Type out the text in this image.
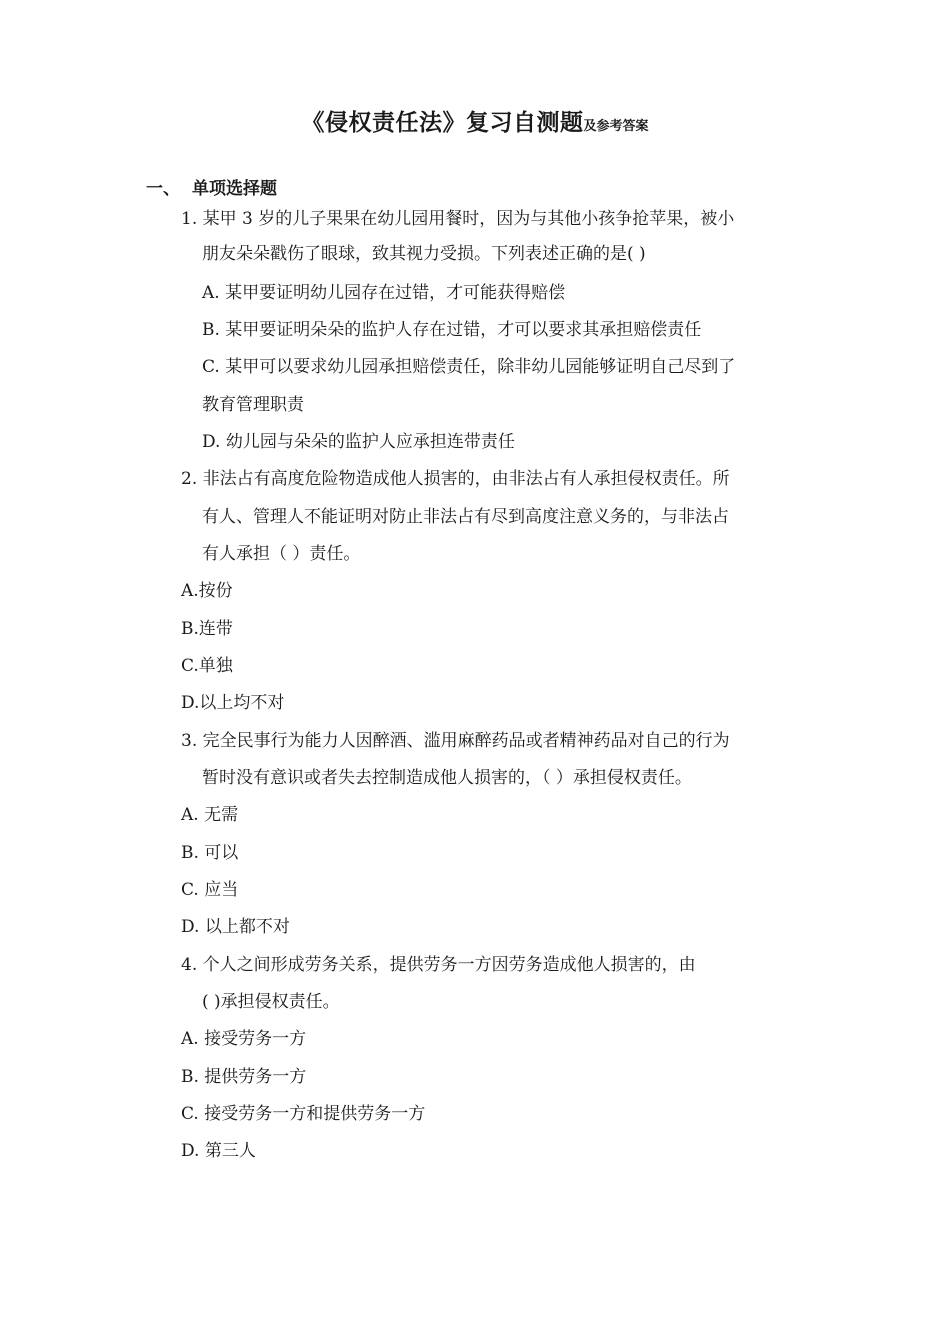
《侵权责任法》复习自测题及参考答案
一、 单项选择题
1. 某甲 3 岁的儿子果果在幼儿园用餐时，因为与其他小孩争抢苹果，被小
朋友朵朵戳伤了眼球，致其视力受损。下列表述正确的是( )
A. 某甲要证明幼儿园存在过错，才可能获得赔偿
B. 某甲要证明朵朵的监护人存在过错，才可以要求其承担赔偿责任
C. 某甲可以要求幼儿园承担赔偿责任，除非幼儿园能够证明自己尽到了
教育管理职责
D. 幼儿园与朵朵的监护人应承担连带责任
2. 非法占有高度危险物造成他人损害的，由非法占有人承担侵权责任。所
有人、管理人不能证明对防止非法占有尽到高度注意义务的，与非法占
有人承担（ ）责任。
A.按份
B.连带
C.单独
D.以上均不对
3. 完全民事行为能力人因醉酒、滥用麻醉药品或者精神药品对自己的行为
暂时没有意识或者失去控制造成他人损害的，（ ）承担侵权责任。
A. 无需
B. 可以
C. 应当
D. 以上都不对
4. 个人之间形成劳务关系，提供劳务一方因劳务造成他人损害的，由
( )承担侵权责任。
A. 接受劳务一方
B. 提供劳务一方
C. 接受劳务一方和提供劳务一方
D. 第三人
